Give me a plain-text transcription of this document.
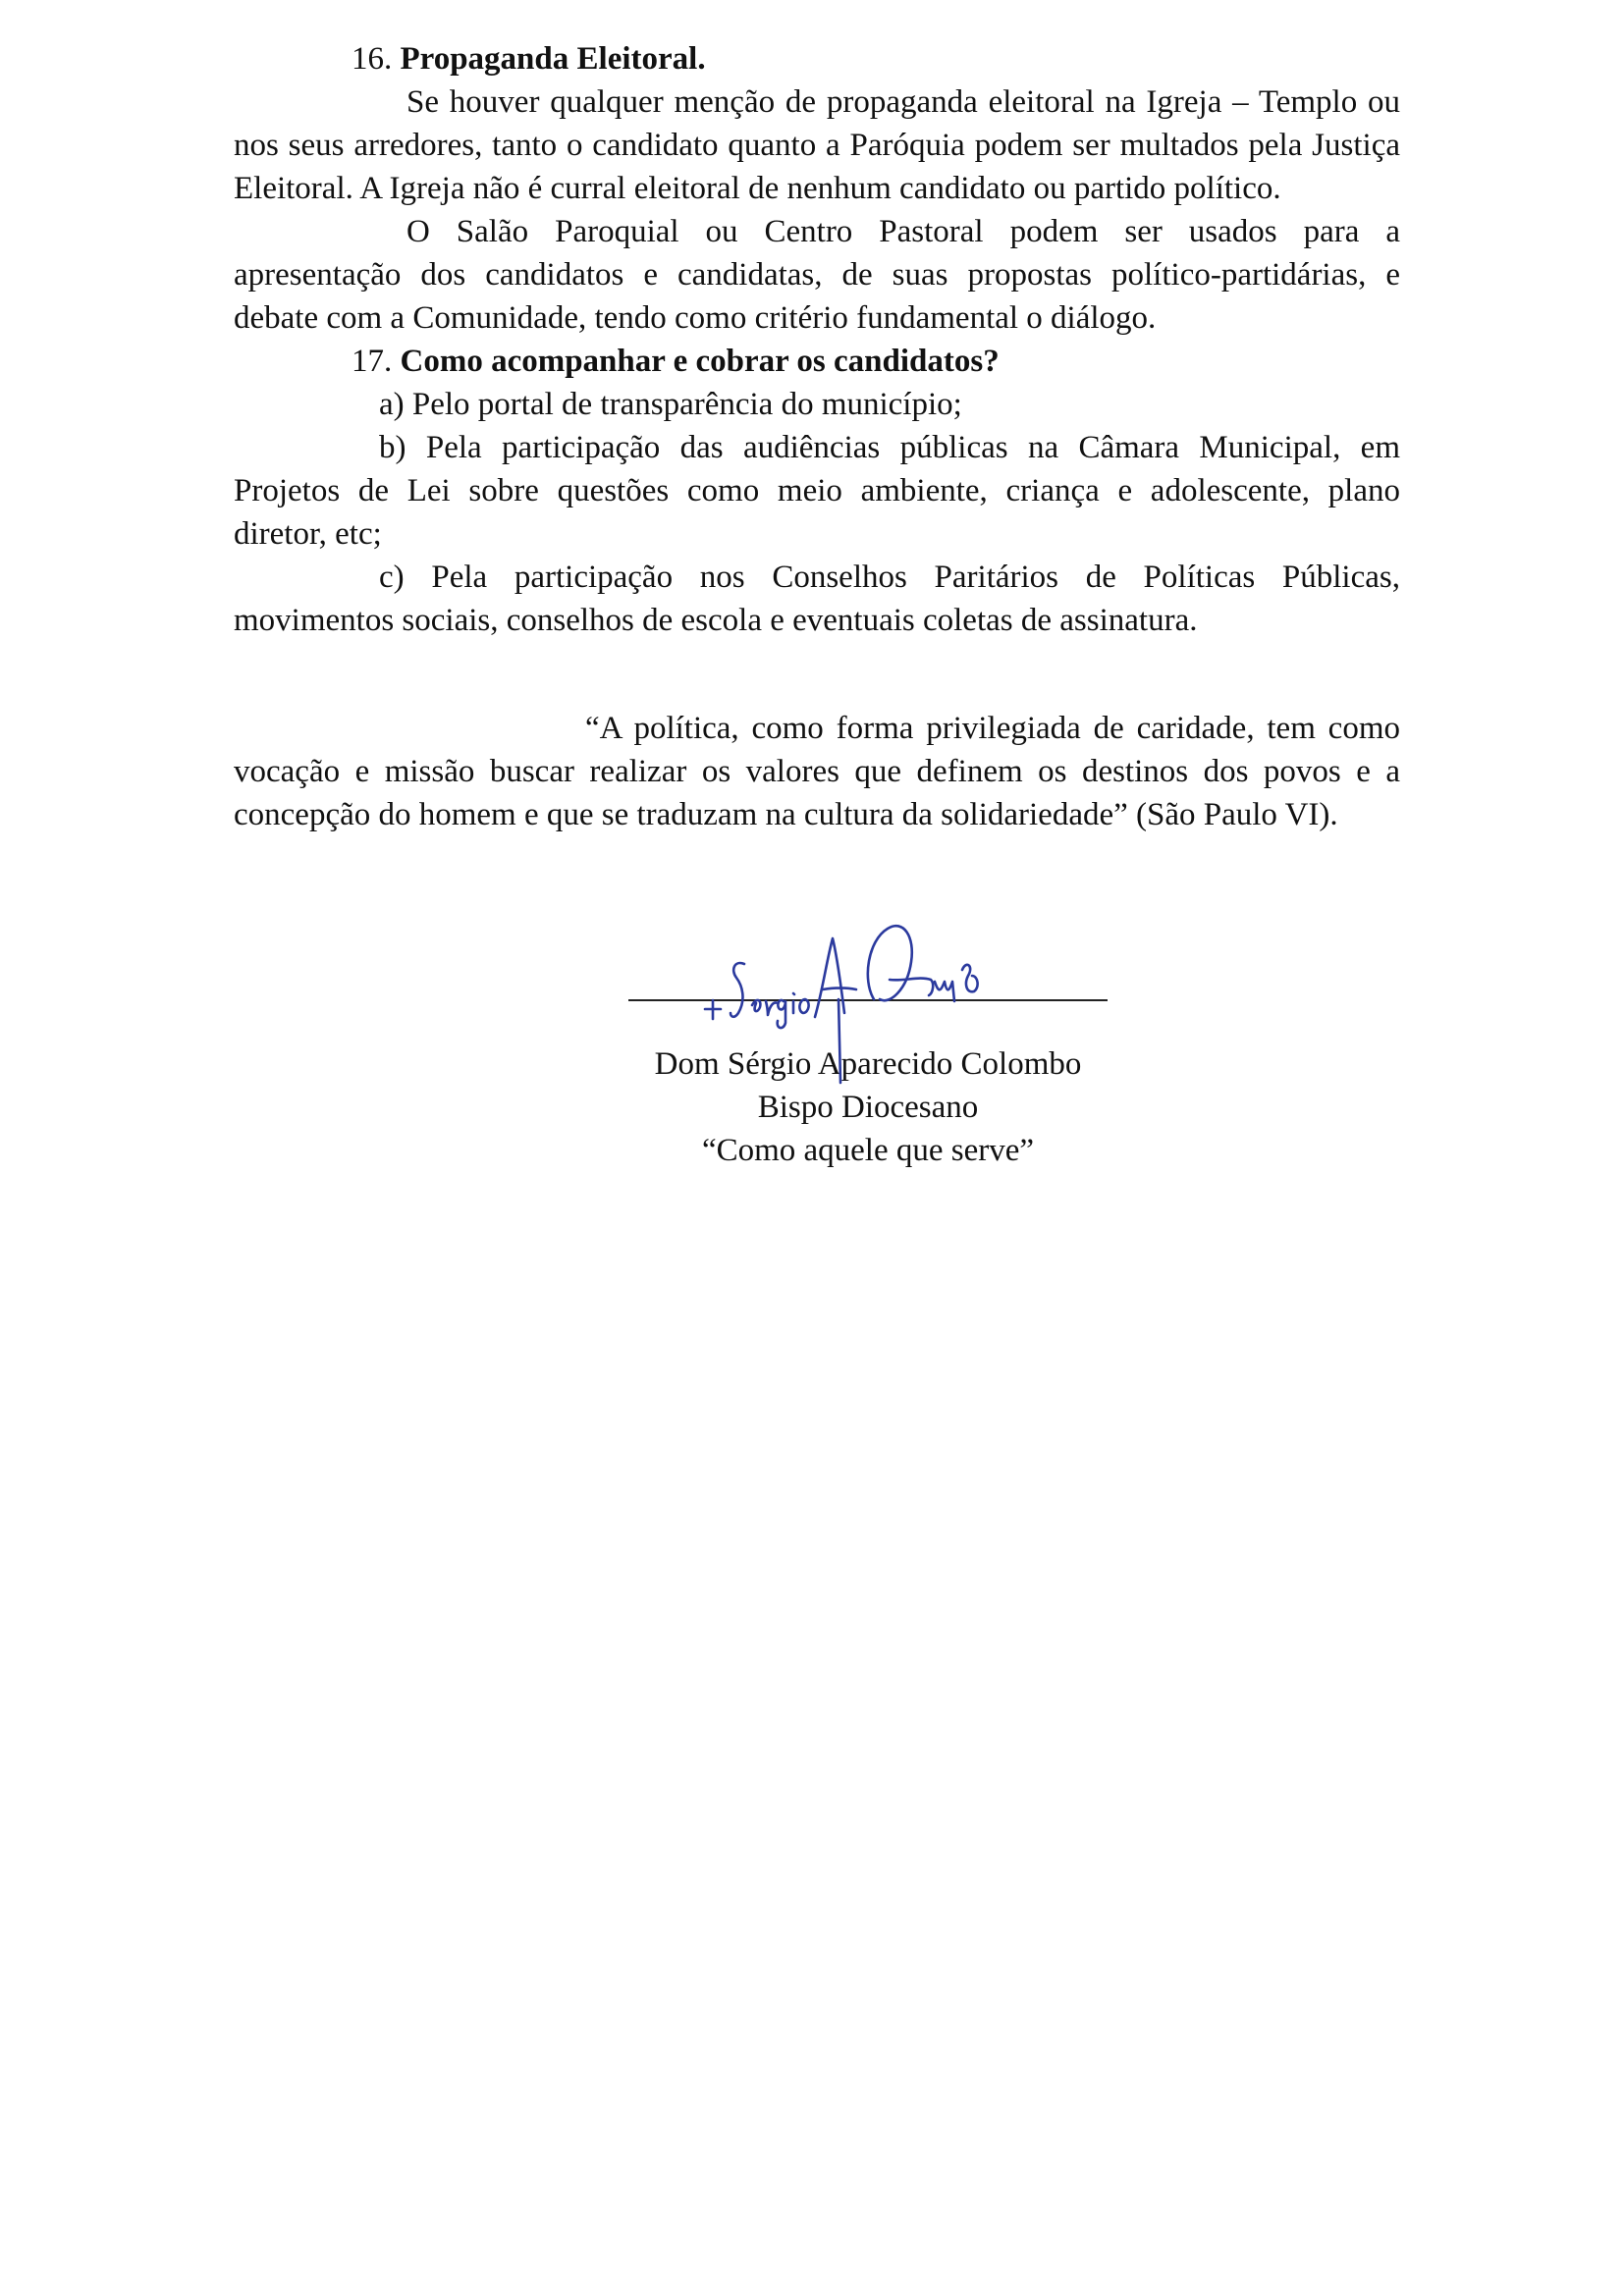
16. Propaganda Eleitoral.
Se houver qualquer menção de propaganda eleitoral na Igreja – Templo ou
nos seus arredores, tanto o candidato quanto a Paróquia podem ser multados pela Justiça
Eleitoral. A Igreja não é curral eleitoral de nenhum candidato ou partido político.
O Salão Paroquial ou Centro Pastoral podem ser usados para a
apresentação dos candidatos e candidatas, de suas propostas político-partidárias, e
debate com a Comunidade, tendo como critério fundamental o diálogo.
17. Como acompanhar e cobrar os candidatos?
a) Pelo portal de transparência do município;
b) Pela participação das audiências públicas na Câmara Municipal, em
Projetos de Lei sobre questões como meio ambiente, criança e adolescente, plano
diretor, etc;
c) Pela participação nos Conselhos Paritários de Políticas Públicas,
movimentos sociais, conselhos de escola e eventuais coletas de assinatura.
“A política, como forma privilegiada de caridade, tem como
vocação e missão buscar realizar os valores que definem os destinos dos povos e a
concepção do homem e que se traduzam na cultura da solidariedade” (São Paulo VI).
Dom Sérgio Aparecido Colombo
Bispo Diocesano
“Como aquele que serve”
